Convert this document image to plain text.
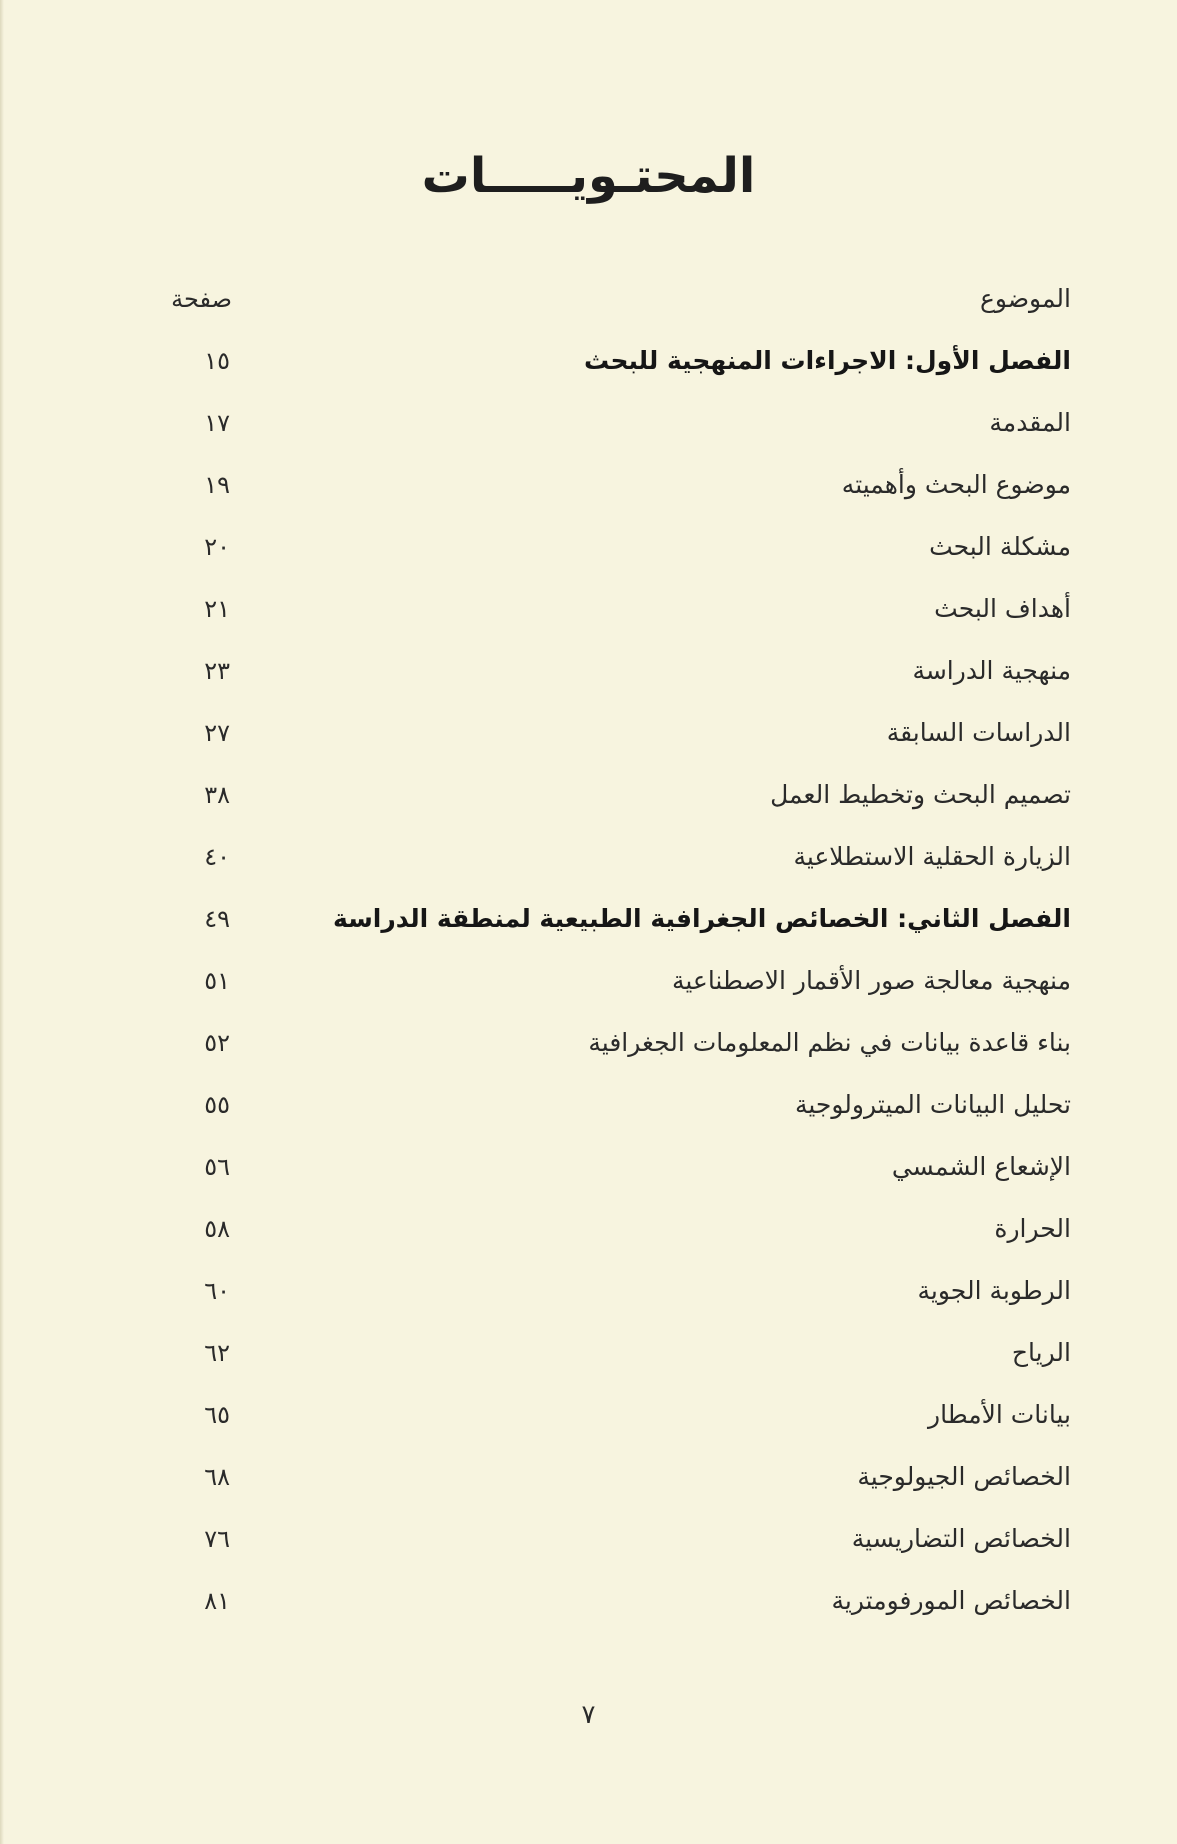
المحتـويـــــات
الموضوع
صفحة
الفصل الأول: الاجراءات المنهجية للبحث
١٥
المقدمة
١٧
موضوع البحث وأهميته
١٩
مشكلة البحث
٢٠
أهداف البحث
٢١
منهجية الدراسة
٢٣
الدراسات السابقة
٢٧
تصميم البحث وتخطيط العمل
٣٨
الزيارة الحقلية الاستطلاعية
٤٠
الفصل الثاني: الخصائص الجغرافية الطبيعية لمنطقة الدراسة
٤٩
منهجية معالجة صور الأقمار الاصطناعية
٥١
بناء قاعدة بيانات في نظم المعلومات الجغرافية
٥٢
تحليل البيانات الميترولوجية
٥٥
الإشعاع الشمسي
٥٦
الحرارة
٥٨
الرطوبة الجوية
٦٠
الرياح
٦٢
بيانات الأمطار
٦٥
الخصائص الجيولوجية
٦٨
الخصائص التضاريسية
٧٦
الخصائص المورفومترية
٨١
٧
